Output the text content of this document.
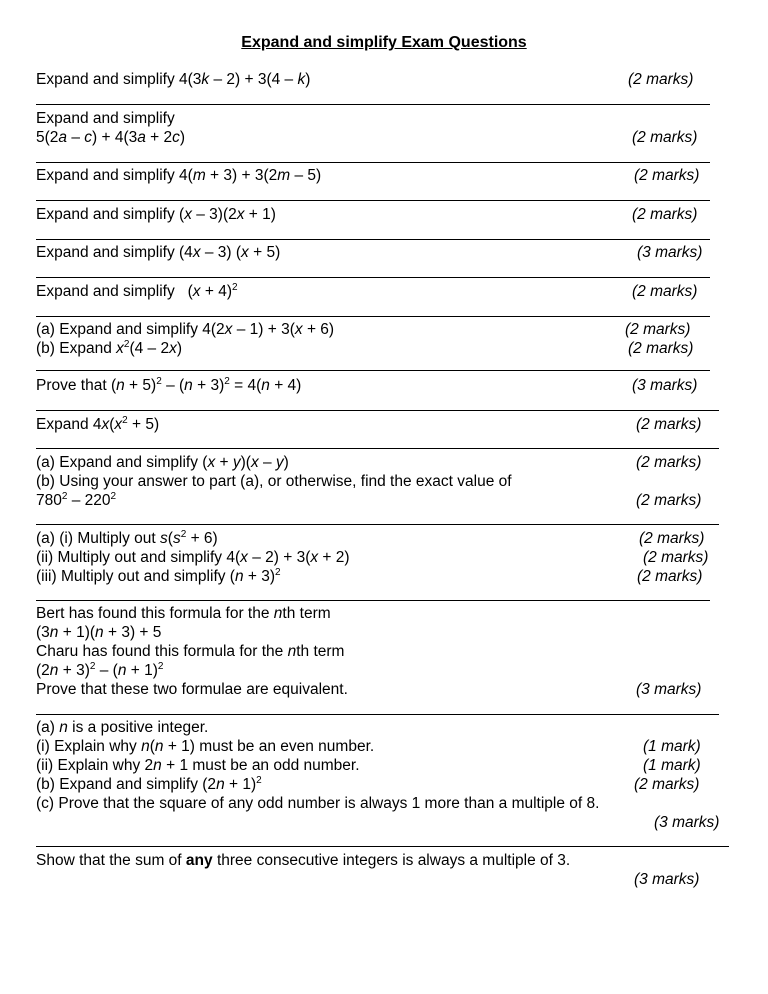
Expand and simplify Exam Questions
Expand and simplify 4(3k – 2) + 3(4 – k)	(2 marks)
Expand and simplify
5(2a – c) + 4(3a + 2c)	(2 marks)
Expand and simplify 4(m + 3) + 3(2m – 5)	(2 marks)
Expand and simplify (x – 3)(2x + 1)	(2 marks)
Expand and simplify (4x – 3) (x + 5)	(3 marks)
Expand and simplify   $(x + 4)^2$	(2 marks)
(a) Expand and simplify 4(2x – 1) + 3(x + 6)	(2 marks)
(b) Expand $x^2(4 - 2x)$	(2 marks)
Prove that $(n + 5)^2 - (n + 3)^2 = 4(n + 4)$	(3 marks)
Expand $4x(x^2 + 5)$	(2 marks)
(a) Expand and simplify (x + y)(x – y)	(2 marks)
(b) Using your answer to part (a), or otherwise, find the exact value of
$780^2 - 220^2$	(2 marks)
(a) (i) Multiply out $s(s^2 + 6)$	(2 marks)
(ii) Multiply out and simplify 4(x – 2) + 3(x + 2)	(2 marks)
(iii) Multiply out and simplify $(n + 3)^2$	(2 marks)
Bert has found this formula for the nth term
(3n + 1)(n + 3) + 5
Charu has found this formula for the nth term
$(2n + 3)^2 - (n + 1)^2$
Prove that these two formulae are equivalent.	(3 marks)
(a) n is a positive integer.
(i) Explain why n(n + 1) must be an even number.	(1 mark)
(ii) Explain why 2n + 1 must be an odd number.	(1 mark)
(b) Expand and simplify $(2n + 1)^2$	(2 marks)
(c) Prove that the square of any odd number is always 1 more than a multiple of 8.
(3 marks)
Show that the sum of any three consecutive integers is always a multiple of 3.
(3 marks)
